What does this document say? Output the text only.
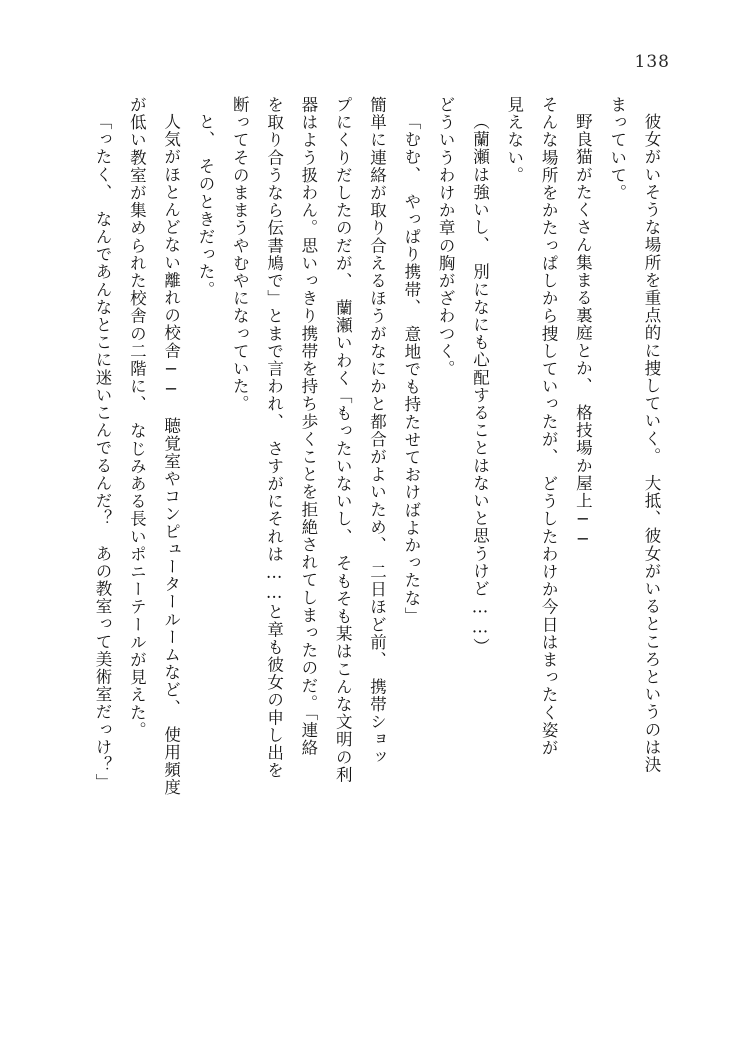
138
彼女がいそうな場所を重点的に捜していく。　大抵、彼女がいるところというのは決
まっていて。
野良猫がたくさん集まる裏庭とか、　格技場か屋上──
そんな場所をかたっぱしから捜していったが、　どうしたわけか今日はまったく姿が
見えない。
（蘭瀬は強いし、　別になにも心配することはないと思うけど……）
どういうわけか章の胸がざわつく。
「むむ、　やっぱり携帯、　意地でも持たせておけばよかったな」
簡単に連絡が取り合えるほうがなにかと都合がよいため、　二日ほど前、　携帯ショッ
プにくりだしたのだが、　蘭瀬いわく「もったいないし、　そもそも某はこんな文明の利
器はよう扱わん。思いっきり携帯を持ち歩くことを拒絶されてしまったのだ。「連絡
を取り合うなら伝書鳩で」とまで言われ、　さすがにそれは……と章も彼女の申し出を
断ってそのままうやむやになっていた。
と、　そのときだった。
人気がほとんどない離れの校舎──　聴覚室やコンピュータールームなど、　使用頻度
が低い教室が集められた校舎の二階に、　なじみある長いポニーテールが見えた。
「ったく、　なんであんなとこに迷いこんでるんだ？　あの教室って美術室だっけ？」
